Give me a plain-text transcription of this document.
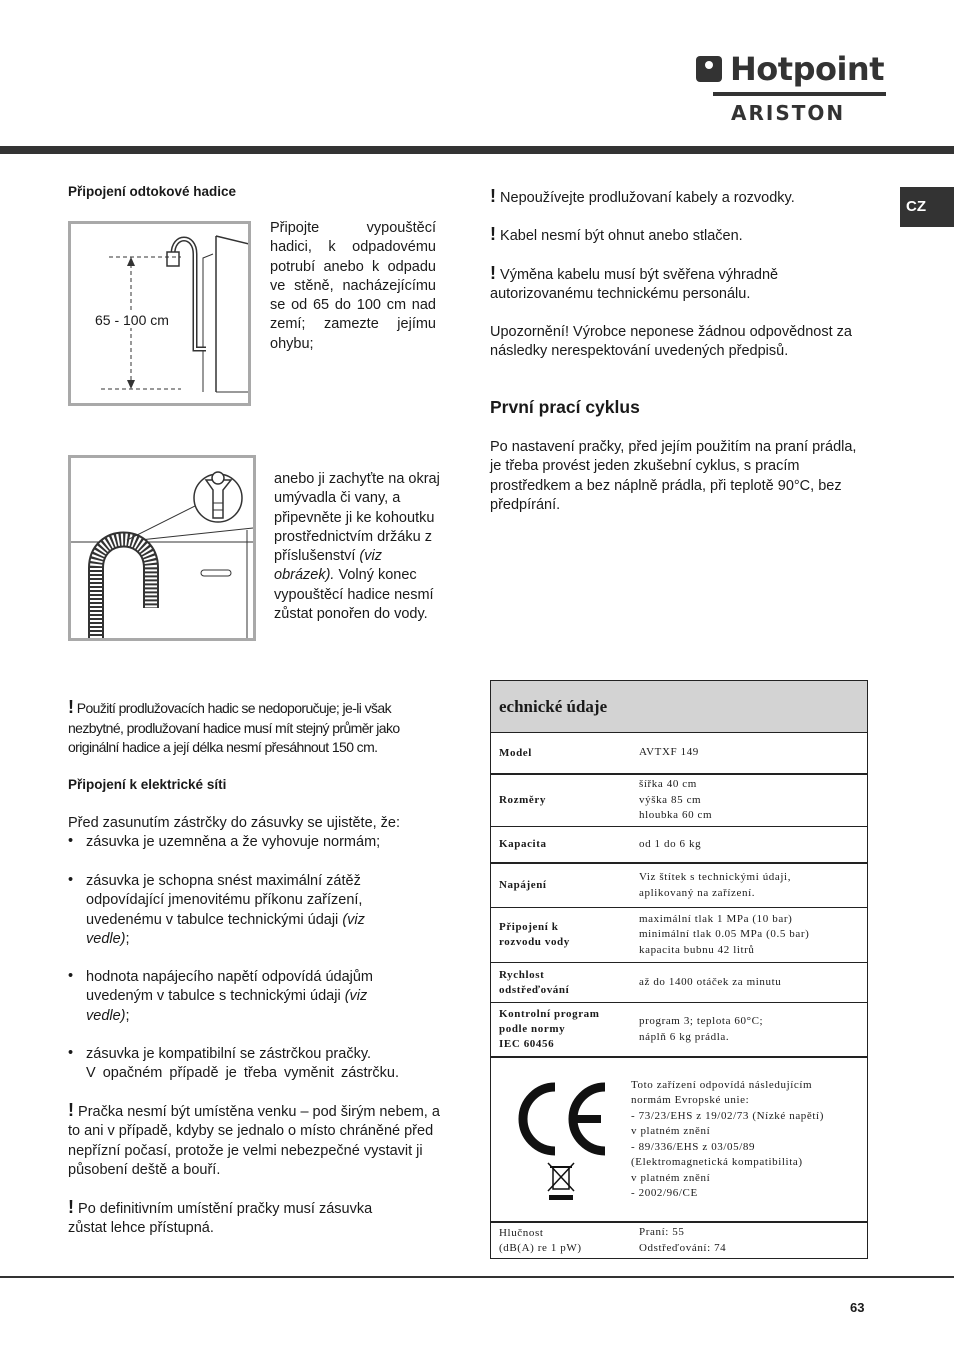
Hotpoint
ARISTON
CZ
Připojení odtokové hadice
65 - 100 cm
Připojte vypouštěcí hadici, k odpadovému potrubí anebo k odpadu ve stěně, nacházejícímu se od 65 do 100 cm nad zemí; zamezte jejímu ohybu;
anebo ji zachyťte na okraj umývadla či vany, a připevněte ji ke kohoutku prostřednictvím držáku z příslušenství (viz obrázek). Volný konec vypouštěcí hadice nesmí zůstat ponořen do vody.
! Použití prodlužovacích hadic se nedoporučuje; je-li však nezbytné, prodlužovaní hadice musí mít stejný průměr jako originální hadice a její délka nesmí přesáhnout 150 cm.
Připojení k elektrické síti
Před zasunutím zástrčky do zásuvky se ujistěte, že:
• zásuvka je uzemněna a že vyhovuje normám;
• zásuvka je schopna snést maximální zátěž odpovídající jmenovitému příkonu zařízení, uvedenému v tabulce technickými údaji (viz vedle);
• hodnota napájecího napětí odpovídá údajům uvedeným v tabulce s technickými údaji (viz vedle);
• zásuvka je kompatibilní se zástrčkou pračky.
V opačném případě je třeba vyměnit zástrčku.
! Pračka nesmí být umístěna venku – pod širým nebem, a to ani v případě, kdyby se jednalo o místo chráněné před nepřízní počasí, protože je velmi nebezpečné vystavit ji působení deště a bouří.
! Po definitivním umístění pračky musí zásuvka zůstat lehce přístupná.
! Nepoužívejte prodlužovaní kabely a rozvodky.
! Kabel nesmí být ohnut anebo stlačen.
! Výměna kabelu musí být svěřena výhradně autorizovanému technickému personálu.
Upozornění! Výrobce neponese žádnou odpovědnost za následky nerespektování uvedených předpisů.
První prací cyklus
Po nastavení pračky, před jejím použitím na praní prádla, je třeba provést jeden zkušební cyklus, s pracím prostředkem a bez náplně prádla, při teplotě 90°C, bez předpírání.
echnické údaje
Model	AVTXF 149
Rozměry
šířka 40 cm
výška 85 cm
hloubka 60 cm
Kapacita	od 1 do 6 kg
Napájení
Viz štítek s technickými údaji,
aplikovaný na zařízení.
Připojení k
rozvodu vody
maximální tlak 1 MPa (10 bar)
minimální tlak 0.05 MPa (0.5 bar)
kapacita bubnu 42 litrů
Rychlost
odstřeďování
až do 1400 otáček za minutu
Kontrolní program
podle normy
IEC 60456
program 3; teplota 60°C;
náplň 6 kg prádla.
Toto zařízení odpovídá následujícím
normám Evropské unie:
- 73/23/EHS z 19/02/73 (Nízké napětí)
v platném znění
- 89/336/EHS z 03/05/89
(Elektromagnetická kompatibilita)
v platném znění
- 2002/96/CE
Hlučnost
(dB(A) re 1 pW)
Praní: 55
Odstřeďování: 74
63
